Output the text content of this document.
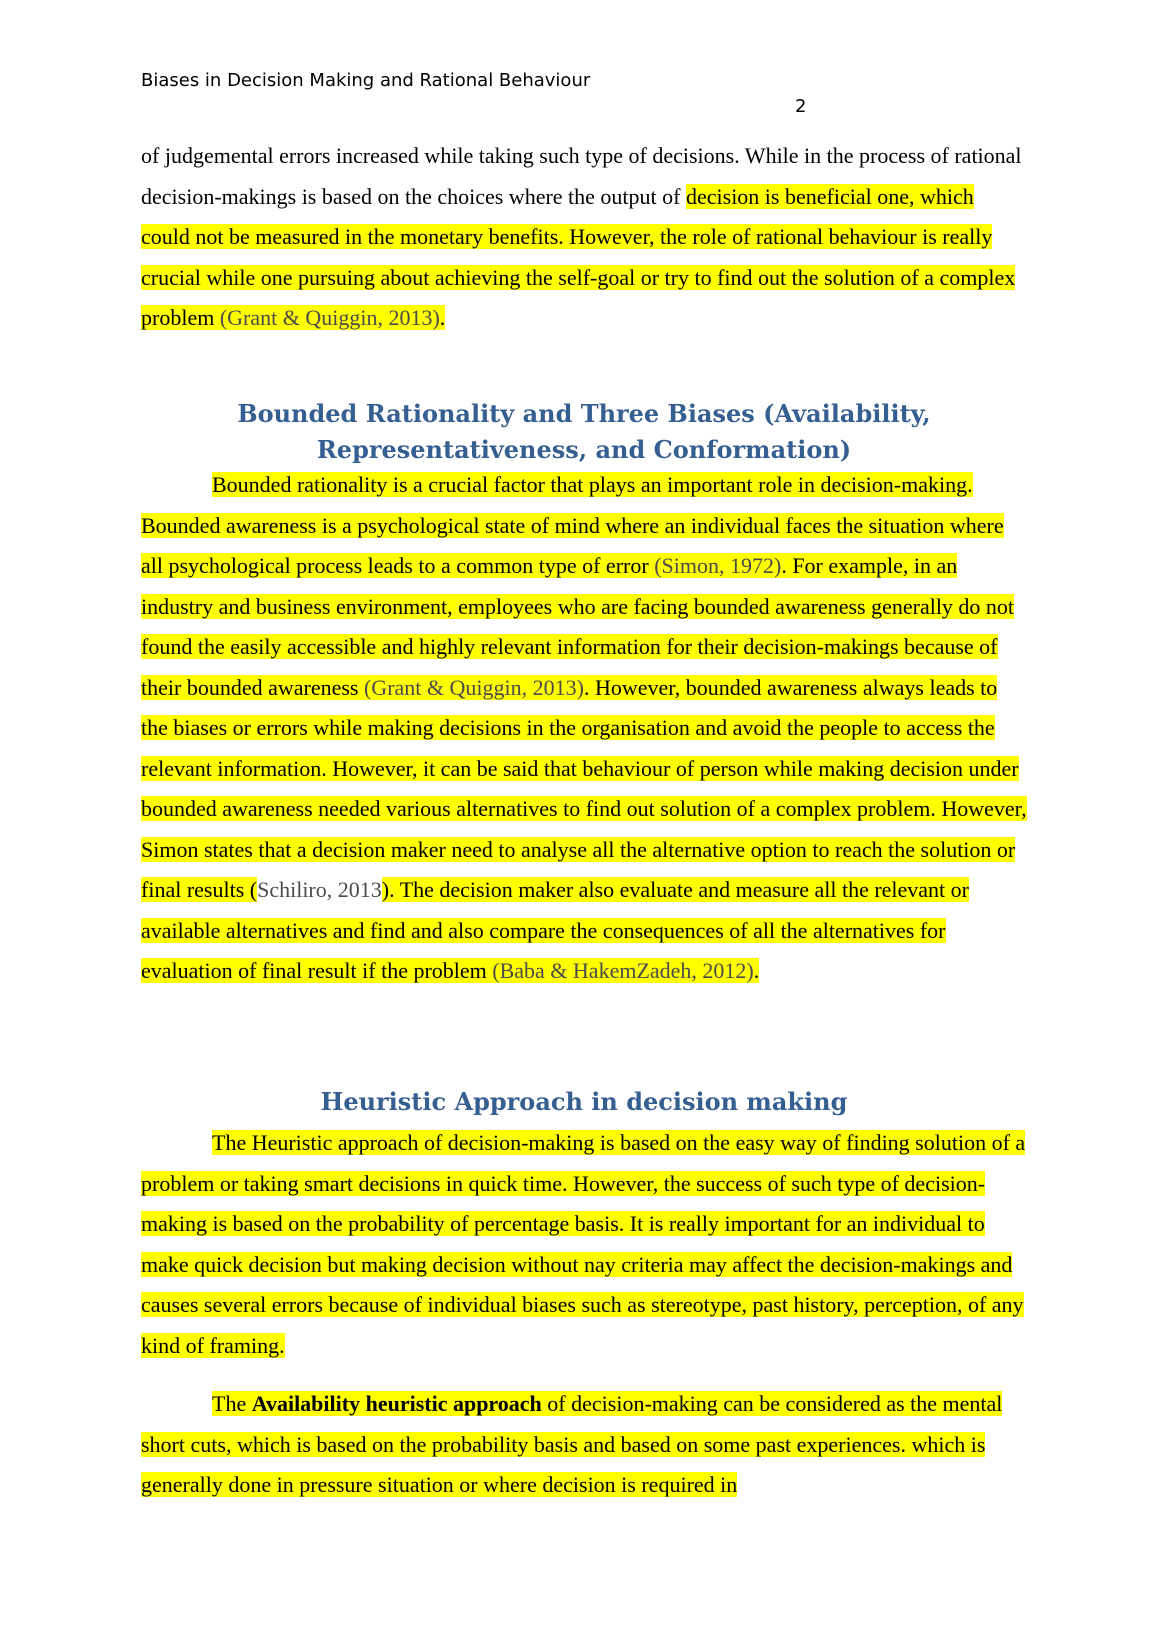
Biases in Decision Making and Rational Behaviour
2

of judgemental errors increased while taking such type of decisions. While in the process of rational decision-makings is based on the choices where the output of decision is beneficial one, which could not be measured in the monetary benefits. However, the role of rational behaviour is really crucial while one pursuing about achieving the self-goal or try to find out the solution of a complex problem (Grant & Quiggin, 2013).

Bounded Rationality and Three Biases (Availability,
Representativeness, and Conformation)

Bounded rationality is a crucial factor that plays an important role in decision-making. Bounded awareness is a psychological state of mind where an individual faces the situation where all psychological process leads to a common type of error (Simon, 1972). For example, in an industry and business environment, employees who are facing bounded awareness generally do not found the easily accessible and highly relevant information for their decision-makings because of their bounded awareness (Grant & Quiggin, 2013). However, bounded awareness always leads to the biases or errors while making decisions in the organisation and avoid the people to access the relevant information. However, it can be said that behaviour of person while making decision under bounded awareness needed various alternatives to find out solution of a complex problem. However, Simon states that a decision maker need to analyse all the alternative option to reach the solution or final results (Schiliro, 2013). The decision maker also evaluate and measure all the relevant or available alternatives and find and also compare the consequences of all the alternatives for evaluation of final result if the problem (Baba & HakemZadeh, 2012).

Heuristic Approach in decision making

The Heuristic approach of decision-making is based on the easy way of finding solution of a problem or taking smart decisions in quick time. However, the success of such type of decision-making is based on the probability of percentage basis. It is really important for an individual to make quick decision but making decision without nay criteria may affect the decision-makings and causes several errors because of individual biases such as stereotype, past history, perception, of any kind of framing.

The Availability heuristic approach of decision-making can be considered as the mental short cuts, which is based on the probability basis and based on some past experiences. which is generally done in pressure situation or where decision is required in
